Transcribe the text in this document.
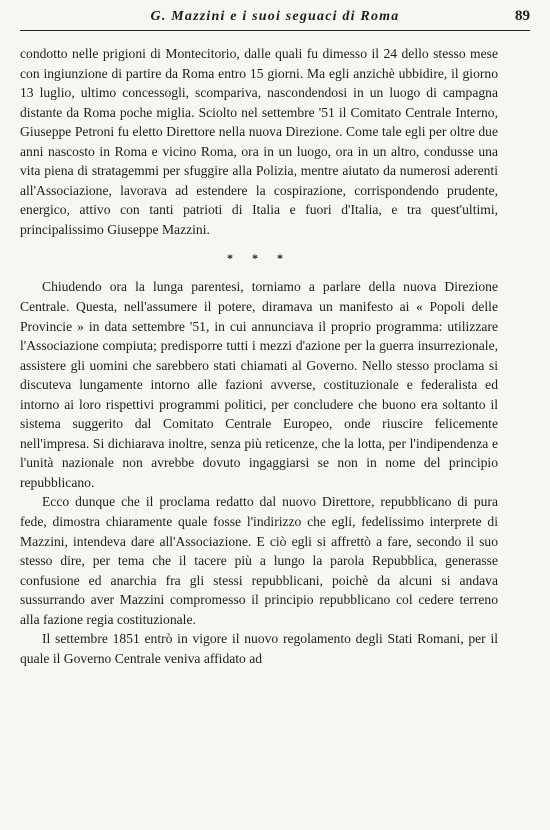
G. Mazzini e i suoi seguaci di Roma	89

condotto nelle prigioni di Montecitorio, dalle quali fu dimesso il 24 dello stesso mese con ingiunzione di partire da Roma entro 15 giorni. Ma egli anzichè ubbidire, il giorno 13 luglio, ultimo concessogli, scompariva, nascondendosi in un luogo di campagna distante da Roma poche miglia. Sciolto nel settembre '51 il Comitato Centrale Interno, Giuseppe Petroni fu eletto Direttore nella nuova Direzione. Come tale egli per oltre due anni nascosto in Roma e vicino Roma, ora in un luogo, ora in un altro, condusse una vita piena di stratagemmi per sfuggire alla Polizia, mentre aiutato da numerosi aderenti all'Associazione, lavorava ad estendere la cospirazione, corrispondendo prudente, energico, attivo con tanti patrioti di Italia e fuori d'Italia, e tra quest'ultimi, principalissimo Giuseppe Mazzini.

* * *

Chiudendo ora la lunga parentesi, torniamo a parlare della nuova Direzione Centrale. Questa, nell'assumere il potere, diramava un manifesto ai « Popoli delle Provincie » in data settembre '51, in cui annunciava il proprio programma: utilizzare l'Associazione compiuta; predisporre tutti i mezzi d'azione per la guerra insurrezionale, assistere gli uomini che sarebbero stati chiamati al Governo. Nello stesso proclama si discuteva lungamente intorno alle fazioni avverse, costituzionale e federalista ed intorno ai loro rispettivi programmi politici, per concludere che buono era soltanto il sistema suggerito dal Comitato Centrale Europeo, onde riuscire felicemente nell'impresa. Si dichiarava inoltre, senza più reticenze, che la lotta, per l'indipendenza e l'unità nazionale non avrebbe dovuto ingaggiarsi se non in nome del principio repubblicano.

Ecco dunque che il proclama redatto dal nuovo Direttore, repubblicano di pura fede, dimostra chiaramente quale fosse l'indirizzo che egli, fedelissimo interprete di Mazzini, intendeva dare all'Associazione. E ciò egli si affrettò a fare, secondo il suo stesso dire, per tema che il tacere più a lungo la parola Repubblica, generasse confusione ed anarchia fra gli stessi repubblicani, poichè da alcuni si andava sussurrando aver Mazzini compromesso il principio repubblicano col cedere terreno alla fazione regia costituzionale.

Il settembre 1851 entrò in vigore il nuovo regolamento degli Stati Romani, per il quale il Governo Centrale veniva affidato ad
